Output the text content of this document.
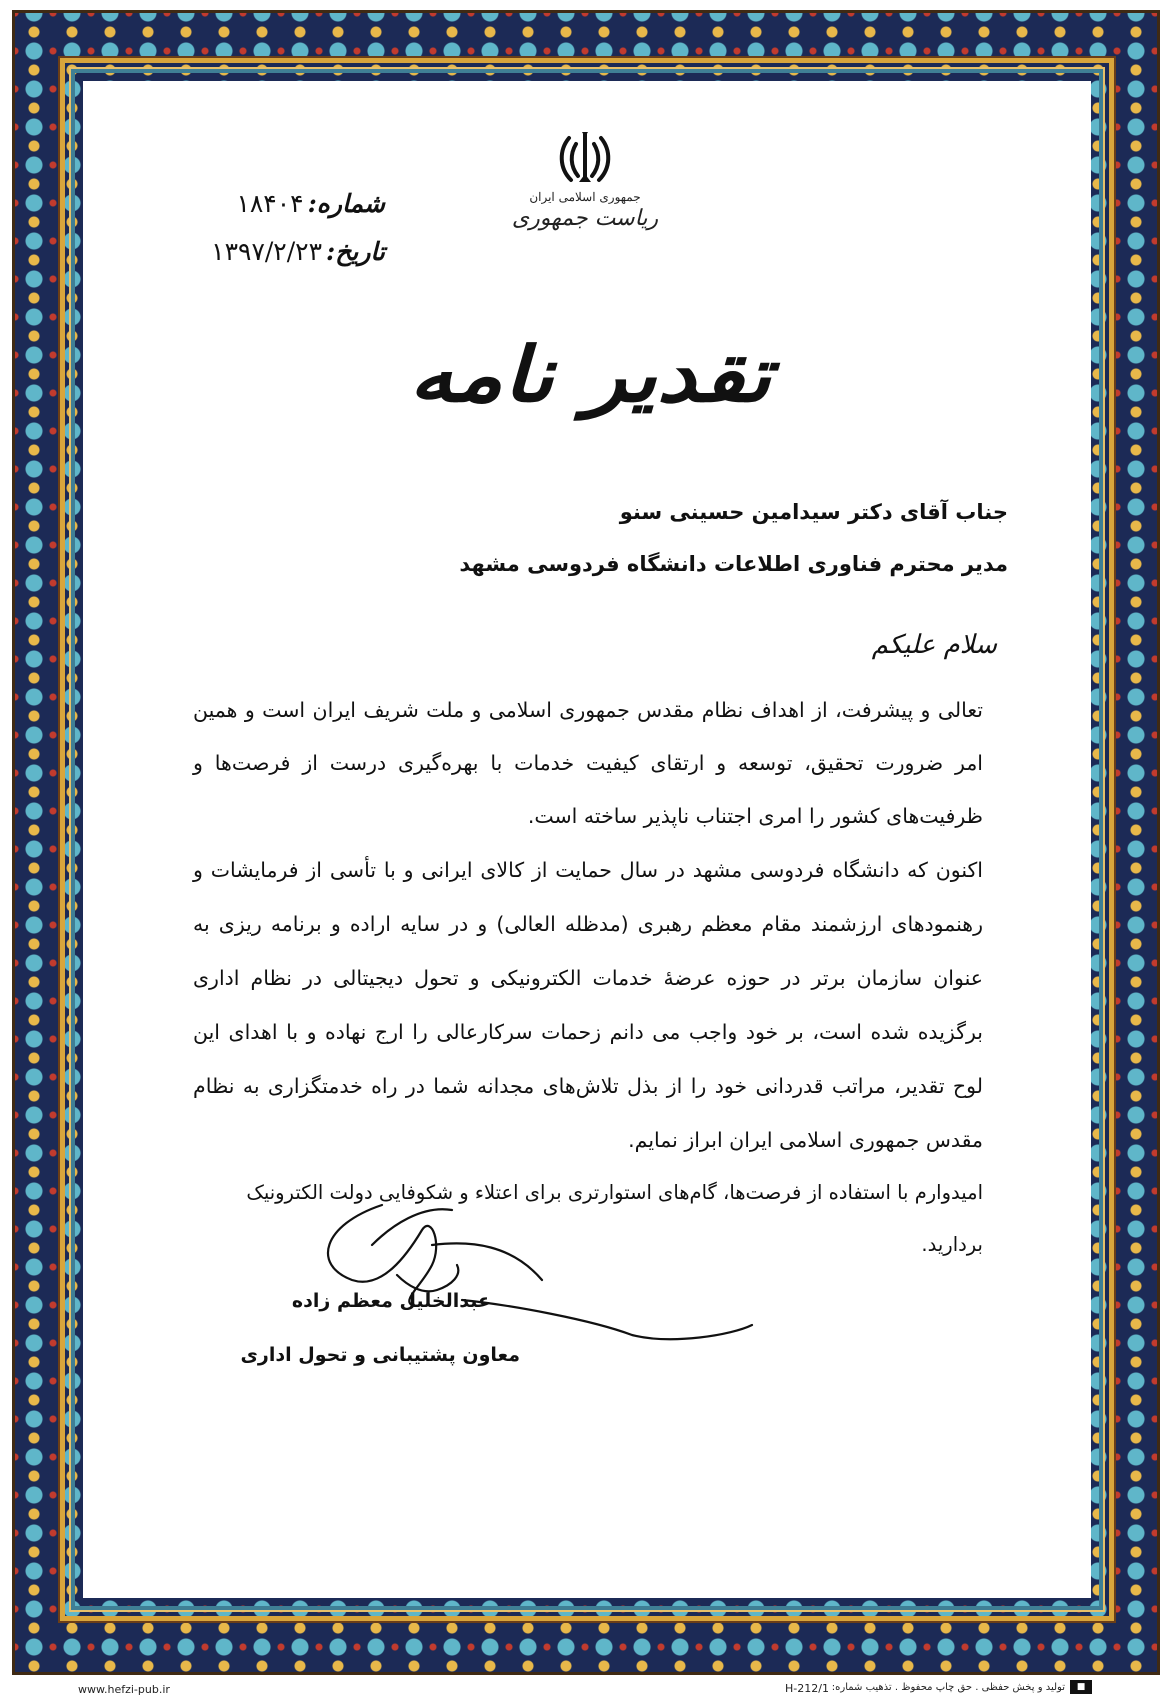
جمهوری اسلامی ایران
ریاست جمهوری
شماره:۱۸۴۰۴
تاریخ:۱۳۹۷/۲/۲۳
تقدیر نامه
جناب آقای دکتر سیدامین حسینی سنو
مدیر محترم فناوری اطلاعات دانشگاه فردوسی مشهد
سلام علیکم

تعالی و پیشرفت، از اهداف نظام مقدس جمهوری اسلامی و ملت شریف ایران است و همین امر ضرورت تحقیق، توسعه و ارتقای کیفیت خدمات با بهره‌گیری درست از فرصت‌ها و ظرفیت‌های کشور را امری اجتناب ناپذیر ساخته است.

اکنون که دانشگاه فردوسی مشهد در سال حمایت از کالای ایرانی و با تأسی از فرمایشات و رهنمودهای ارزشمند مقام معظم رهبری (مدظله العالی) و در سایه اراده و برنامه ریزی به عنوان سازمان برتر در حوزه عرضهٔ خدمات الکترونیکی و تحول دیجیتالی در نظام اداری برگزیده شده است، بر خود واجب می دانم زحمات سرکارعالی را ارج نهاده و با اهدای این لوح تقدیر، مراتب قدردانی خود را از بذل تلاش‌های مجدانه شما در راه خدمتگزاری به نظام مقدس جمهوری اسلامی ایران ابراز نمایم.

امیدوارم با استفاده از فرصت‌ها، گام‌های استوارتری برای اعتلاء و شکوفایی دولت الکترونیک بردارید.

عبدالخلیل معظم زاده
معاون پشتیبانی و تحول اداری
www.hefzi-pub.ir	H-212/1 تولید و پخش حفظی . حق چاپ محفوظ . تذهیب شماره:	■
